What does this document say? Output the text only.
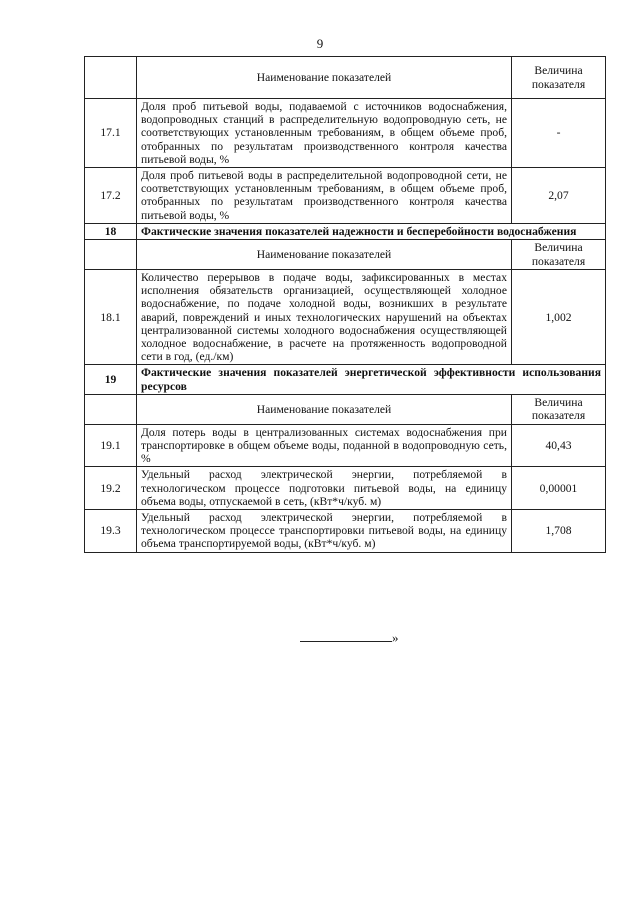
9
	Наименование показателей	Величина показателя
17.1	Доля проб питьевой воды, подаваемой с источников водоснабжения, водопроводных станций в распределительную водопроводную сеть, не соответствующих установленным требованиям, в общем объеме проб, отобранных по результатам производственного контроля качества питьевой воды, %	-
17.2	Доля проб питьевой воды в распределительной водопроводной сети, не соответствующих установленным требованиям, в общем объеме проб, отобранных по результатам производственного контроля качества питьевой воды, %	2,07
18	Фактические значения показателей надежности и бесперебойности водоснабжения	
	Наименование показателей	Величина показателя
18.1	Количество перерывов в подаче воды, зафиксированных в местах исполнения обязательств организацией, осуществляющей холодное водоснабжение, по подаче холодной воды, возникших в результате аварий, повреждений и иных технологических нарушений на объектах централизованной системы холодного водоснабжения осуществляющей холодное водоснабжение, в расчете на протяженность водопроводной сети в год, (ед./км)	1,002
19	Фактические значения показателей энергетической эффективности использования ресурсов	
	Наименование показателей	Величина показателя
19.1	Доля потерь воды в централизованных системах водоснабжения при транспортировке в общем объеме воды, поданной в водопроводную сеть, %	40,43
19.2	Удельный расход электрической энергии, потребляемой в технологическом процессе подготовки питьевой воды, на единицу объема воды, отпускаемой в сеть, (кВт*ч/куб. м)	0,00001
19.3	Удельный расход электрической энергии, потребляемой в технологическом процессе транспортировки питьевой воды, на единицу объема транспортируемой воды, (кВт*ч/куб. м)	1,708
»
